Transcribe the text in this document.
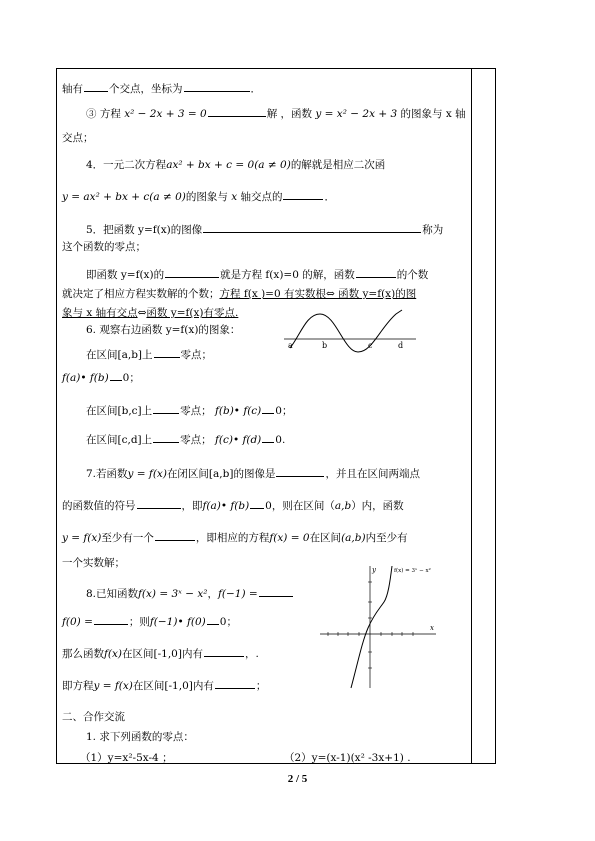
轴有 个交点，坐标为	．
③ 方程 x² − 2x + 3 = 0	解 ，函数 y = x² − 2x + 3 的图象与 x 轴
交点；
4．一元二次方程ax² + bx + c = 0(a ≠ 0)的解就是相应二次函
y = ax² + bx + c(a ≠ 0)的图象与 x 轴交点的	．
5．把函数 y=f(x)的图像	称为
这个函数的零点；
即函数 y=f(x)的	就是方程 f(x)=0 的解，函数	的个数
就决定了相应方程实数解的个数；方程 f(x )=0 有实数根⇔ 函数 y=f(x)的图
象与 x 轴有交点⇔函数 y=f(x)有零点.
6. 观察右边函数 y=f(x)的图象：
在区间[a,b]上	零点；
f(a)• f(b) 0；
在区间[b,c]上	零点； f(b)• f(c) 0；
在区间[c,d]上	零点； f(c)• f(d) 0.
7.若函数y = f(x)在闭区间[a,b]的图像是	，并且在区间两端点
的函数值的符号	，即f(a)• f(b) 0，则在区间（a,b）内，函数
y = f(x)至少有一个	，即相应的方程f(x) = 0在区间(a,b)内至少有
一个实数解；
8.已知函数f(x) = 3ˣ − x²，f(−1) =
f(0) =	；则f(−1)• f(0) 0；
那么函数f(x)在区间[-1,0]内有	，.
即方程y = f(x)在区间[-1,0]内有	；
二、合作交流
1. 求下列函数的零点：
（1）y=x²-5x-4 ；	（2）y=(x-1)(x² -3x+1) .
a	b	c	d
y
x
f(x) = 3ˣ − x²
2 / 5
